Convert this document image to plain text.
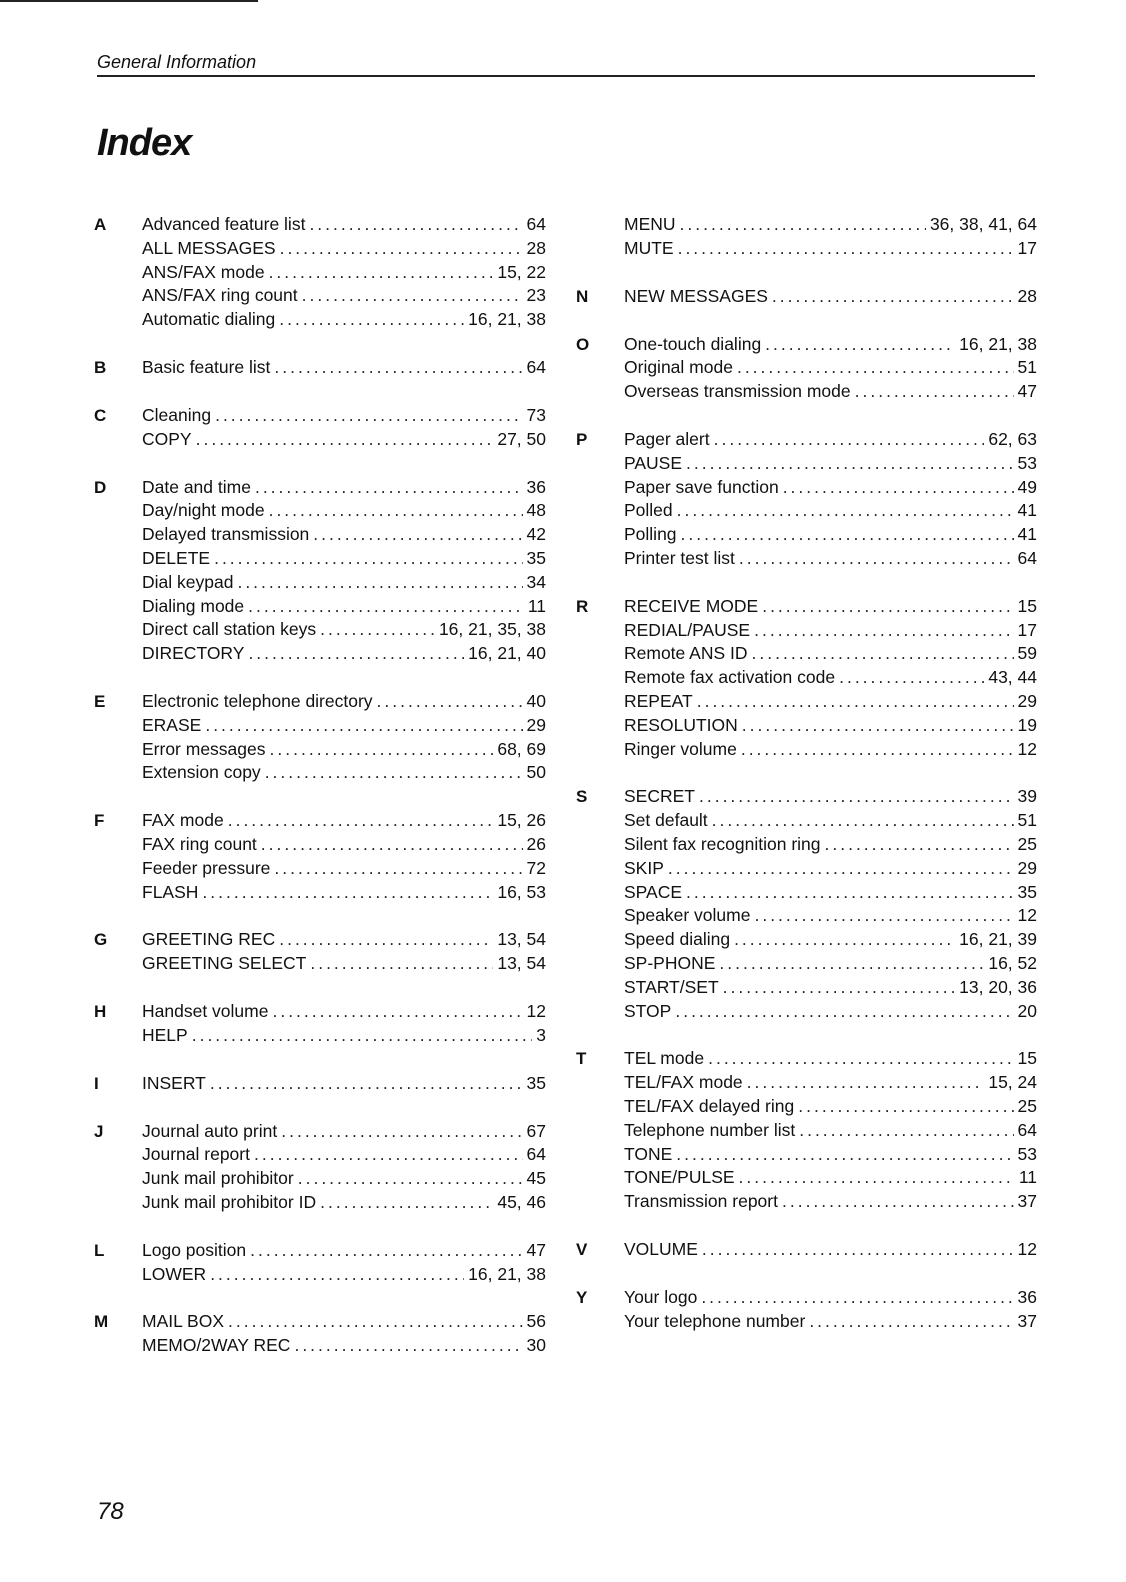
General Information
Index
A	Advanced feature list .....	64
ALL MESSAGES .....	28
ANS/FAX mode .....	15, 22
ANS/FAX ring count .....	23
Automatic dialing .....	16, 21, 38
B	Basic feature list .....	64
C	Cleaning .....	73
COPY .....	27, 50
D	Date and time .....	36
Day/night mode .....	48
Delayed transmission .....	42
DELETE .....	35
Dial keypad .....	34
Dialing mode .....	11
Direct call station keys .....	16, 21, 35, 38
DIRECTORY .....	16, 21, 40
E	Electronic telephone directory .....	40
ERASE .....	29
Error messages .....	68, 69
Extension copy .....	50
F	FAX mode .....	15, 26
FAX ring count .....	26
Feeder pressure .....	72
FLASH .....	16, 53
G	GREETING REC .....	13, 54
GREETING SELECT .....	13, 54
H	Handset volume .....	12
HELP .....	3
I	INSERT .....	35
J	Journal auto print .....	67
Journal report .....	64
Junk mail prohibitor .....	45
Junk mail prohibitor ID .....	45, 46
L	Logo position .....	47
LOWER .....	16, 21, 38
M	MAIL BOX .....	56
MEMO/2WAY REC .....	30
MENU .....	36, 38, 41, 64
MUTE .....	17
N	NEW MESSAGES .....	28
O	One-touch dialing .....	16, 21, 38
Original mode .....	51
Overseas transmission mode .....	47
P	Pager alert .....	62, 63
PAUSE .....	53
Paper save function .....	49
Polled .....	41
Polling .....	41
Printer test list .....	64
R	RECEIVE MODE .....	15
REDIAL/PAUSE .....	17
Remote ANS ID .....	59
Remote fax activation code .....	43, 44
REPEAT .....	29
RESOLUTION .....	19
Ringer volume .....	12
S	SECRET .....	39
Set default .....	51
Silent fax recognition ring .....	25
SKIP .....	29
SPACE .....	35
Speaker volume .....	12
Speed dialing .....	16, 21, 39
SP-PHONE .....	16, 52
START/SET .....	13, 20, 36
STOP .....	20
T	TEL mode .....	15
TEL/FAX mode .....	15, 24
TEL/FAX delayed ring .....	25
Telephone number list .....	64
TONE .....	53
TONE/PULSE .....	11
Transmission report .....	37
V	VOLUME .....	12
Y	Your logo .....	36
Your telephone number .....	37
78
